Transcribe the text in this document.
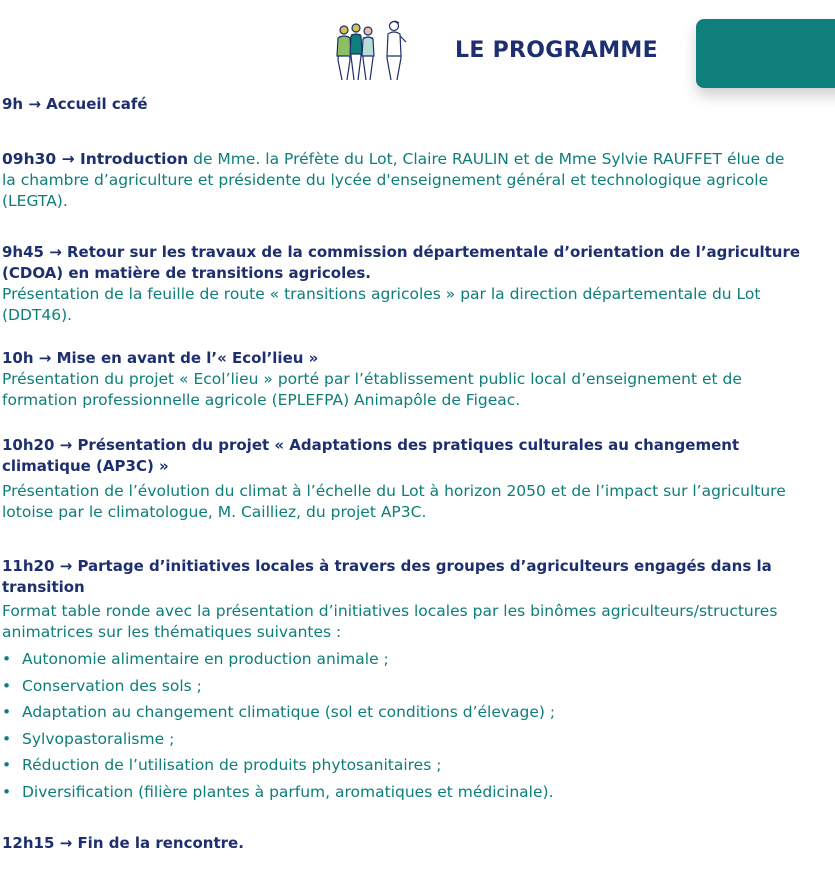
LE PROGRAMME
9h → Accueil café
09h30 → Introduction de Mme. la Préfète du Lot, Claire RAULIN et de Mme Sylvie RAUFFET élue de la chambre d’agriculture et présidente du lycée d'enseignement général et technologique agricole (LEGTA).
9h45 → Retour sur les travaux de la commission départementale d’orientation de l’agriculture (CDOA) en matière de transitions agricoles.
Présentation de la feuille de route « transitions agricoles » par la direction départementale du Lot (DDT46).
10h → Mise en avant de l’« Ecol’lieu »
Présentation du projet « Ecol’lieu » porté par l’établissement public local d’enseignement et de formation professionnelle agricole (EPLEFPA) Animapôle de Figeac.
10h20 → Présentation du projet « Adaptations des pratiques culturales au changement climatique (AP3C) »
Présentation de l’évolution du climat à l’échelle du Lot à horizon 2050 et de l’impact sur l’agriculture lotoise par le climatologue, M. Cailliez, du projet AP3C.
11h20 → Partage d’initiatives locales à travers des groupes d’agriculteurs engagés dans la transition
Format table ronde avec la présentation d’initiatives locales par les binômes agriculteurs/structures animatrices sur les thématiques suivantes :
• Autonomie alimentaire en production animale ;
• Conservation des sols ;
• Adaptation au changement climatique (sol et conditions d’élevage) ;
• Sylvopastoralisme ;
• Réduction de l’utilisation de produits phytosanitaires ;
• Diversification (filière plantes à parfum, aromatiques et médicinale).
12h15 → Fin de la rencontre.
